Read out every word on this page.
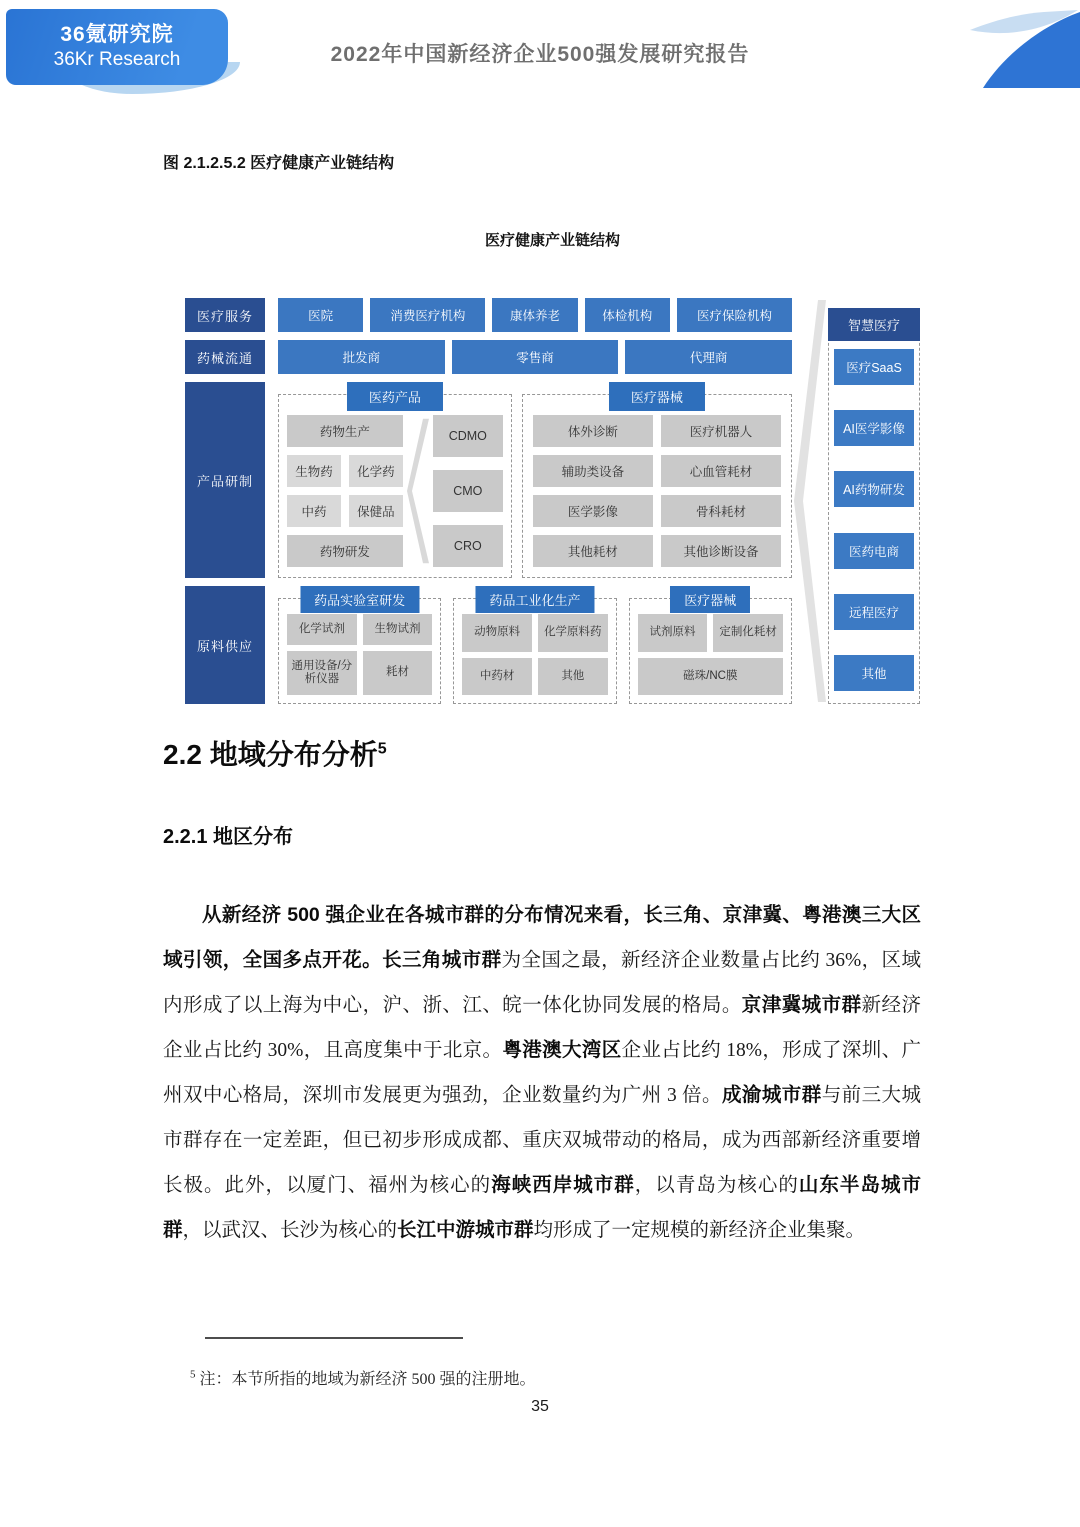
36氪研究院
36Kr Research	2022年中国新经济企业500强发展研究报告
图 2.1.2.5.2 医疗健康产业链结构
医疗健康产业链结构
医疗服务
药械流通
产品研制
原料供应
医院	消费医疗机构	康体养老	体检机构	医疗保险机构
批发商	零售商	代理商
医药产品
药物生产
生物药	化学药
中药	保健品
药物研发
CDMO
CMO
CRO
医疗器械
体外诊断	医疗机器人
辅助类设备	心血管耗材
医学影像	骨科耗材
其他耗材	其他诊断设备
药品实验室研发
化学试剂	生物试剂
通用设备/分析仪器
耗材
药品工业化生产
动物原料	化学原料药
中药材	其他
医疗器械
试剂原料	定制化耗材
磁珠/NC膜
智慧医疗
医疗SaaS
AI医学影像
AI药物研发
医药电商
远程医疗
其他
2.2 地域分布分析$^5$
2.2.1 地区分布

从新经济 500 强企业在各城市群的分布情况来看，长三角、京津冀、粤港澳三大区域引领，全国多点开花。长三角城市群为全国之最，新经济企业数量占比约 36%，区域内形成了以上海为中心，沪、浙、江、皖一体化协同发展的格局。京津冀城市群新经济企业占比约 30%，且高度集中于北京。粤港澳大湾区企业占比约 18%，形成了深圳、广州双中心格局，深圳市发展更为强劲，企业数量约为广州 3 倍。成渝城市群与前三大城市群存在一定差距，但已初步形成成都、重庆双城带动的格局，成为西部新经济重要增长极。此外，以厦门、福州为核心的海峡西岸城市群，以青岛为核心的山东半岛城市群，以武汉、长沙为核心的长江中游城市群均形成了一定规模的新经济企业集聚。

$^5$ 注：本节所指的地域为新经济 500 强的注册地。
35
